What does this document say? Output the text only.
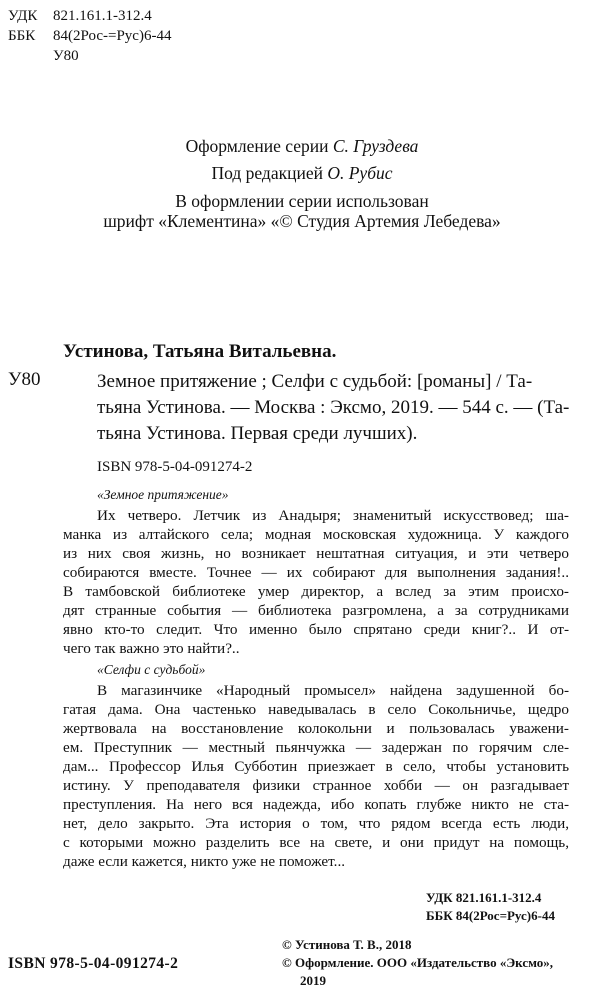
УДК 821.161.1-312.4
ББК 84(2Рос-=Рус)6-44
У80

Оформление серии С. Груздева

Под редакцией О. Рубис

В оформлении серии использован

шрифт «Клементина» «© Студия Артемия Лебедева»

Устинова, Татьяна Витальевна.

У80	Земное притяжение ; Селфи с судьбой: [романы] / Та-
тьяна Устинова. — Москва : Эксмо, 2019. — 544 с. — (Та-
тьяна Устинова. Первая среди лучших).

ISBN 978-5-04-091274-2

«Земное притяжение»

Их четверо. Летчик из Анадыря; знаменитый искусствовед; ша-
манка из алтайского села; модная московская художница. У каждого
из них своя жизнь, но возникает нештатная ситуация, и эти четверо
собираются вместе. Точнее — их собирают для выполнения задания!..
В тамбовской библиотеке умер директор, а вслед за этим происхо-
дят странные события — библиотека разгромлена, а за сотрудниками
явно кто-то следит. Что именно было спрятано среди книг?.. И от-
чего так важно это найти?..

«Селфи с судьбой»

В магазинчике «Народный промысел» найдена задушенной бо-
гатая дама. Она частенько наведывалась в село Сокольничье, щедро
жертвовала на восстановление колокольни и пользовалась уважени-
ем. Преступник — местный пьянчужка — задержан по горячим сле-
дам... Профессор Илья Субботин приезжает в село, чтобы установить
истину. У преподавателя физики странное хобби — он разгадывает
преступления. На него вся надежда, ибо копать глубже никто не ста-
нет, дело закрыто. Эта история о том, что рядом всегда есть люди,
с которыми можно разделить все на свете, и они придут на помощь,
даже если кажется, никто уже не поможет...
УДК 821.161.1-312.4
ББК 84(2Рос=Рус)6-44
© Устинова Т. В., 2018
© Оформление. ООО «Издательство «Эксмо»,
2019

ISBN 978-5-04-091274-2
